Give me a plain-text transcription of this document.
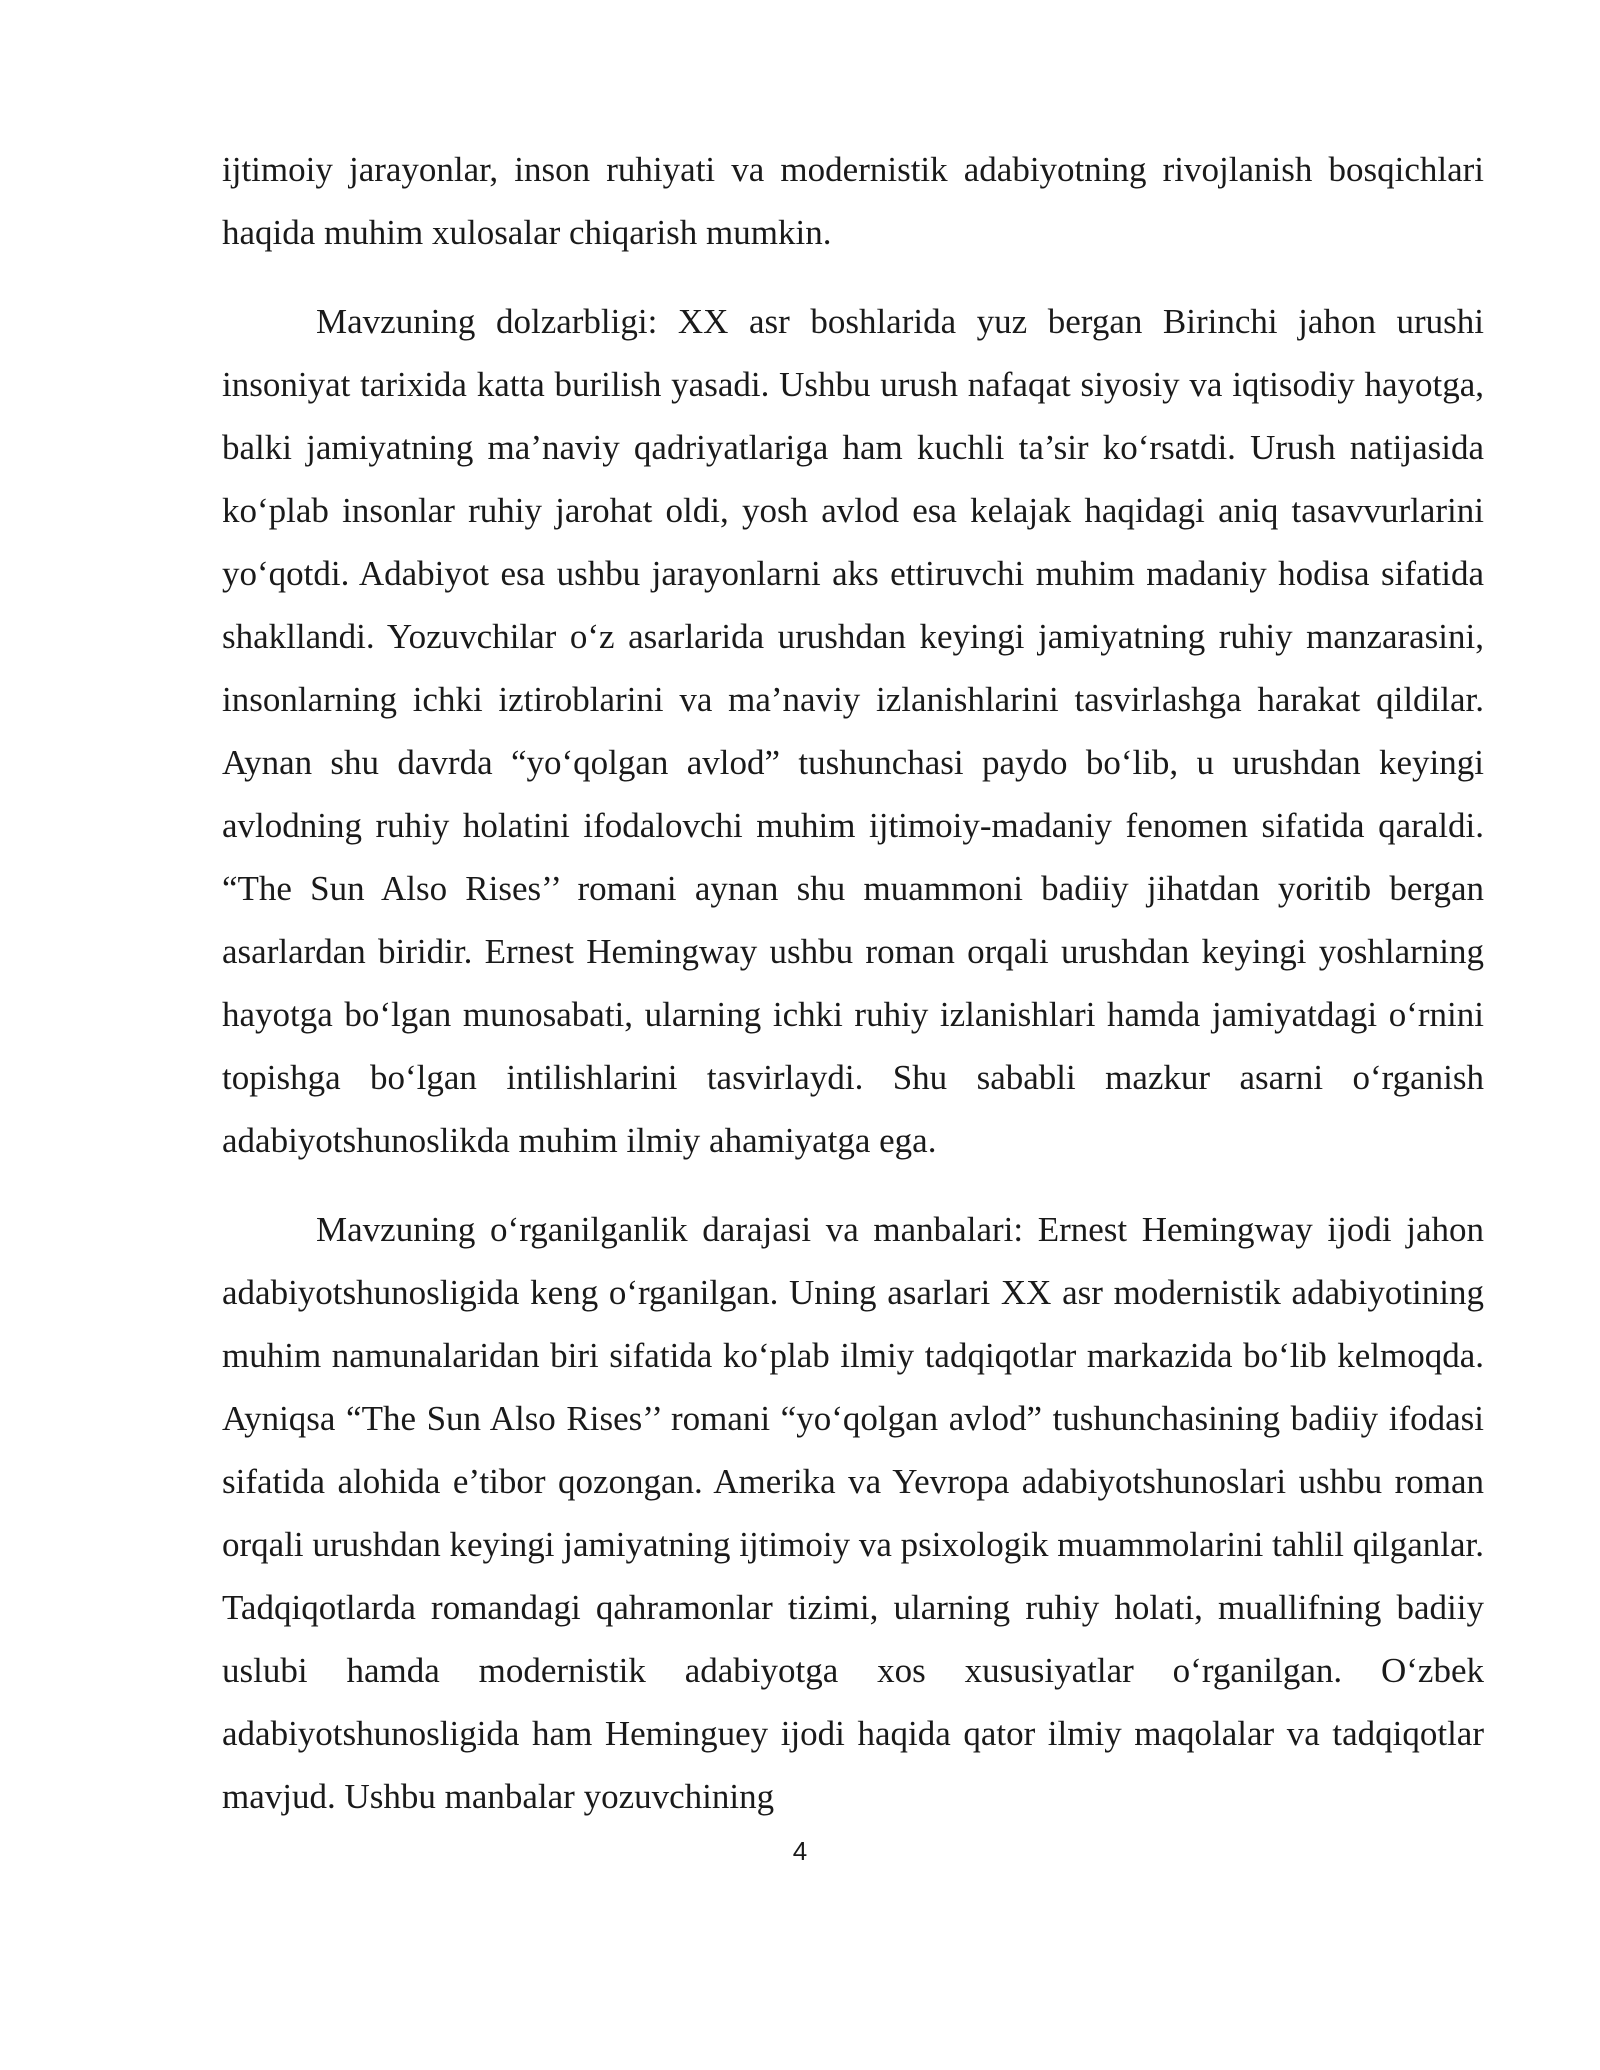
ijtimoiy jarayonlar, inson ruhiyati va modernistik adabiyotning rivojlanish bosqichlari haqida muhim xulosalar chiqarish mumkin.

Mavzuning dolzarbligi: XX asr boshlarida yuz bergan Birinchi jahon urushi insoniyat tarixida katta burilish yasadi. Ushbu urush nafaqat siyosiy va iqtisodiy hayotga, balki jamiyatning ma’naviy qadriyatlariga ham kuchli ta’sir ko‘rsatdi. Urush natijasida ko‘plab insonlar ruhiy jarohat oldi, yosh avlod esa kelajak haqidagi aniq tasavvurlarini yo‘qotdi. Adabiyot esa ushbu jarayonlarni aks ettiruvchi muhim madaniy hodisa sifatida shakllandi. Yozuvchilar o‘z asarlarida urushdan keyingi jamiyatning ruhiy manzarasini, insonlarning ichki iztiroblarini va ma’naviy izlanishlarini tasvirlashga harakat qildilar. Aynan shu davrda “yo‘qolgan avlod” tushunchasi paydo bo‘lib, u urushdan keyingi avlodning ruhiy holatini ifodalovchi muhim ijtimoiy-madaniy fenomen sifatida qaraldi. “The Sun Also Rises’’ romani aynan shu muammoni badiiy jihatdan yoritib bergan asarlardan biridir. Ernest Hemingway ushbu roman orqali urushdan keyingi yoshlarning hayotga bo‘lgan munosabati, ularning ichki ruhiy izlanishlari hamda jamiyatdagi o‘rnini topishga bo‘lgan intilishlarini tasvirlaydi. Shu sababli mazkur asarni o‘rganish adabiyotshunoslikda muhim ilmiy ahamiyatga ega.

Mavzuning o‘rganilganlik darajasi va manbalari: Ernest Hemingway ijodi jahon adabiyotshunosligida keng o‘rganilgan. Uning asarlari XX asr modernistik adabiyotining muhim namunalaridan biri sifatida ko‘plab ilmiy tadqiqotlar markazida bo‘lib kelmoqda. Ayniqsa “The Sun Also Rises’’ romani “yo‘qolgan avlod” tushunchasining badiiy ifodasi sifatida alohida e’tibor qozongan. Amerika va Yevropa adabiyotshunoslari ushbu roman orqali urushdan keyingi jamiyatning ijtimoiy va psixologik muammolarini tahlil qilganlar. Tadqiqotlarda romandagi qahramonlar tizimi, ularning ruhiy holati, muallifning badiiy uslubi hamda modernistik adabiyotga xos xususiyatlar o‘rganilgan. O‘zbek adabiyotshunosligida ham Heminguey ijodi haqida qator ilmiy maqolalar va tadqiqotlar mavjud. Ushbu manbalar yozuvchining

4
